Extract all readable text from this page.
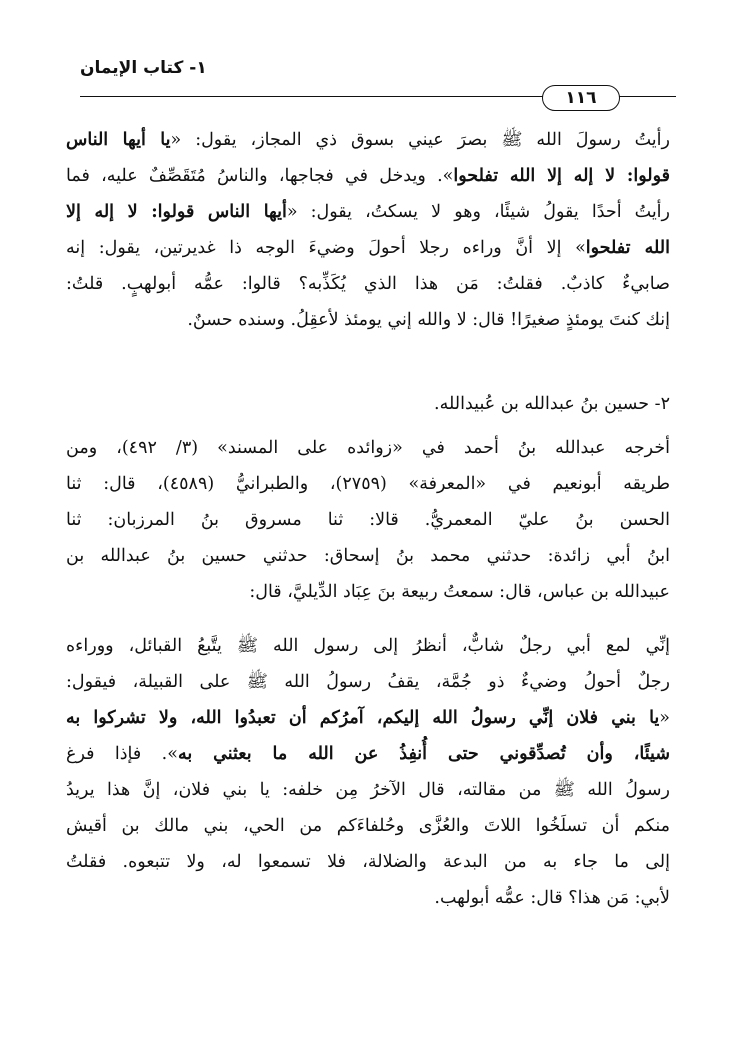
١- كتاب الإيمان
١١٦
رأيتُ رسولَ الله ﷺ بصرَ عيني بسوق ذي المجاز، يقول: «يا أيها الناس
قولوا: لا إله إلا الله تفلحوا». ويدخل في فجاجها، والناسُ مُتَقَصِّفٌ عليه، فما
رأيتُ أحدًا يقولُ شيئًا، وهو لا يسكتُ، يقول: «أيها الناس قولوا: لا إله إلا
الله تفلحوا» إلا أنَّ وراءه رجلا أحولَ وضيءَ الوجه ذا غديرتين، يقول: إنه
صابيءٌ كاذبٌ. فقلتُ: مَن هذا الذي يُكَذِّبه؟ قالوا: عمُّه أبولهبٍ. قلتُ:
إنك كنتَ يومئذٍ صغيرًا! قال: لا والله إني يومئذ لأعقِلُ. وسنده حسنٌ.
٢- حسين بنُ عبدالله بن عُبيدالله.
أخرجه عبدالله بنُ أحمد في «زوائده على المسند» (٣/ ٤٩٢)، ومن
طريقه أبونعيم في «المعرفة» (٢٧٥٩)، والطبرانيُّ (٤٥٨٩)، قال: ثنا
الحسن بنُ عليّ المعمريُّ. قالا: ثنا مسروق بنُ المرزبان: ثنا
ابنُ أبي زائدة: حدثني محمد بنُ إسحاق: حدثني حسين بنُ عبدالله بن
عبيدالله بن عباس، قال: سمعتُ ربيعة بنَ عِبَاد الدِّيليَّ، قال:
إنِّي لمع أبي رجلٌ شابٌّ، أنظرُ إلى رسول الله ﷺ يتَّبعُ القبائل، ووراءه
رجلٌ أحولُ وضيءٌ ذو جُمَّة، يقفُ رسولُ الله ﷺ على القبيلة، فيقول:
«يا بني فلان إنِّي رسولُ الله إليكم، آمرُكم أن تعبدُوا الله، ولا تشركوا به
شيئًا، وأن تُصدِّقوني حتى أُنفِذُ عن الله ما بعثني به». فإذا فرغ
رسولُ الله ﷺ من مقالته، قال الآخرُ مِن خلفه: يا بني فلان، إنَّ هذا يريدُ
منكم أن تسلَخُوا اللاتَ والعُزَّى وحُلفاءَكم من الحي، بني مالك بن أقيش
إلى ما جاء به من البدعة والضلالة، فلا تسمعوا له، ولا تتبعوه. فقلتُ
لأبي: مَن هذا؟ قال: عمُّه أبولهب.
